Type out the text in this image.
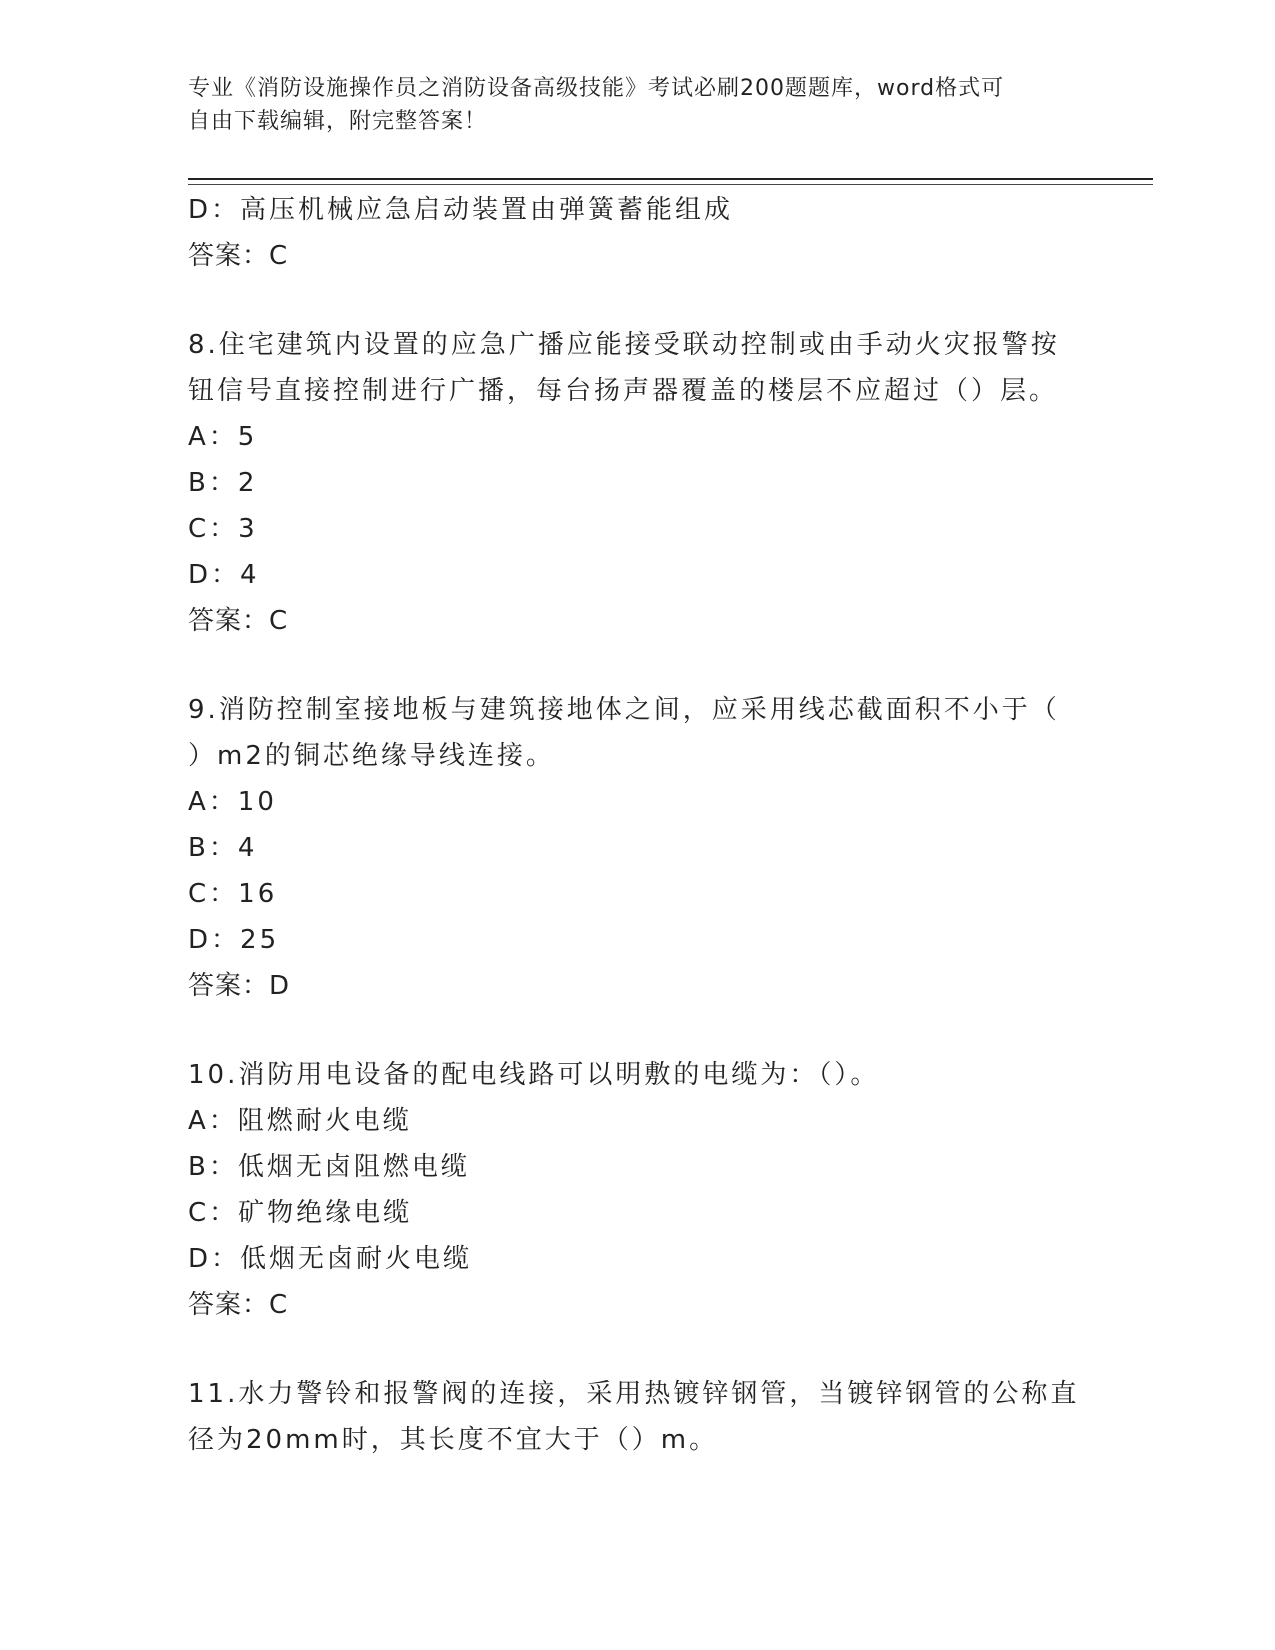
专业《消防设施操作员之消防设备高级技能》考试必刷200题题库，word格式可
自由下载编辑，附完整答案！
D：高压机械应急启动装置由弹簧蓄能组成
答案：C
8.住宅建筑内设置的应急广播应能接受联动控制或由手动火灾报警按
钮信号直接控制进行广播，每台扬声器覆盖的楼层不应超过（）层。
A：5
B：2
C：3
D：4
答案：C
9.消防控制室接地板与建筑接地体之间，应采用线芯截面积不小于（
）m2的铜芯绝缘导线连接。
A：10
B：4
C：16
D：25
答案：D
10.消防用电设备的配电线路可以明敷的电缆为：（）。
A：阻燃耐火电缆
B：低烟无卤阻燃电缆
C：矿物绝缘电缆
D：低烟无卤耐火电缆
答案：C
11.水力警铃和报警阀的连接，采用热镀锌钢管，当镀锌钢管的公称直
径为20mm时，其长度不宜大于（）m。
